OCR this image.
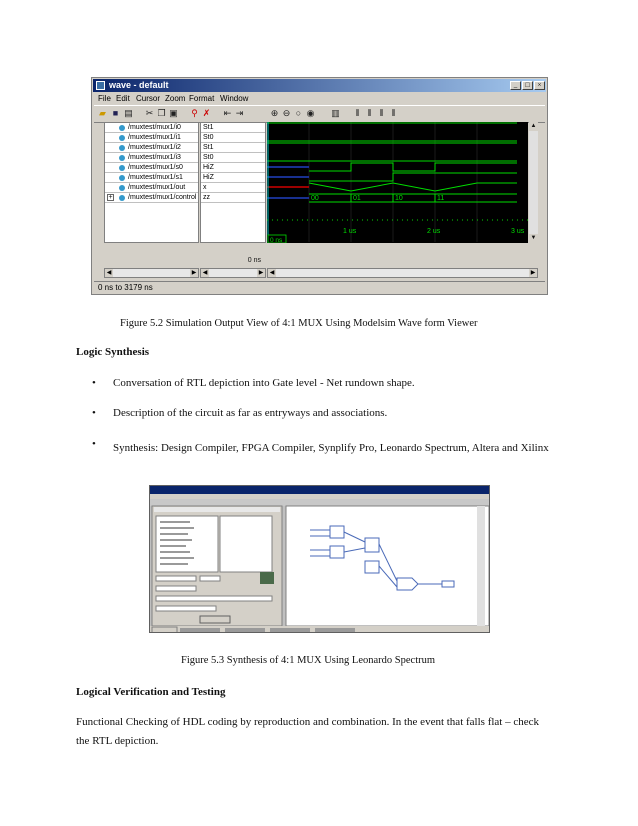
wave - default	_	□	×
File Edit Cursor Zoom Format Window
▰ ■ ▤ ✂ ❐ ▣ ⚲ ✗ ⇤ ⇥	⊕ ⊖ ○ ◉ ▥	⫴ ⫴ ⫴ ⫴
/muxtest/mux1/i0
/muxtest/mux1/i1
/muxtest/mux1/i2
/muxtest/mux1/i3
/muxtest/mux1/s0
/muxtest/mux1/s1
/muxtest/mux1/out
+ /muxtest/mux1/control
St1
St0
St1
St0
HiZ
HiZ
x
zz
0 ns
00	01	10	11
1 us	2 us	3 us
0 ns
▲
▼
◀	▶ ◀	▶ ◀	▶
0 ns to 3179 ns
Figure 5.2 Simulation Output View of 4:1 MUX Using Modelsim Wave form Viewer
Logic Synthesis
• Conversation of RTL depiction into Gate level - Net rundown shape.
• Description of the circuit as far as entryways and associations.
• Synthesis: Design Compiler, FPGA Compiler, Synplify Pro, Leonardo Spectrum, Altera and Xilinx
Figure 5.3 Synthesis of 4:1 MUX Using Leonardo Spectrum
Logical Verification and Testing
Functional Checking of HDL coding by reproduction and combination. In the event that falls flat – check
the RTL depiction.
